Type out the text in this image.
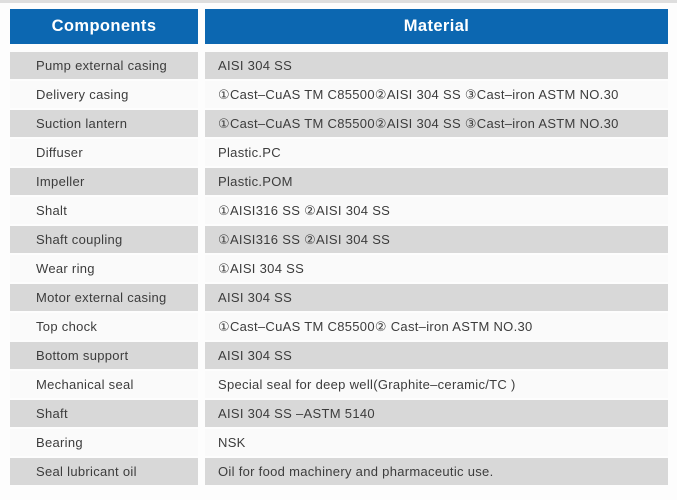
Components	Material
Pump external casing	AISI 304 SS
Delivery casing	①Cast–CuAS TM C85500②AISI 304 SS ③Cast–iron ASTM NO.30
Suction lantern	①Cast–CuAS TM C85500②AISI 304 SS ③Cast–iron ASTM NO.30
Diffuser	Plastic.PC
Impeller	Plastic.POM
Shalt	①AISI316 SS ②AISI 304 SS
Shaft coupling	①AISI316 SS ②AISI 304 SS
Wear ring	①AISI 304 SS
Motor external casing	AISI 304 SS
Top chock	①Cast–CuAS TM C85500② Cast–iron ASTM NO.30
Bottom support	AISI 304 SS
Mechanical seal	Special seal for deep well(Graphite–ceramic/TC )
Shaft	AISI 304 SS –ASTM 5140
Bearing	NSK
Seal lubricant oil	Oil for food machinery and pharmaceutic use.
